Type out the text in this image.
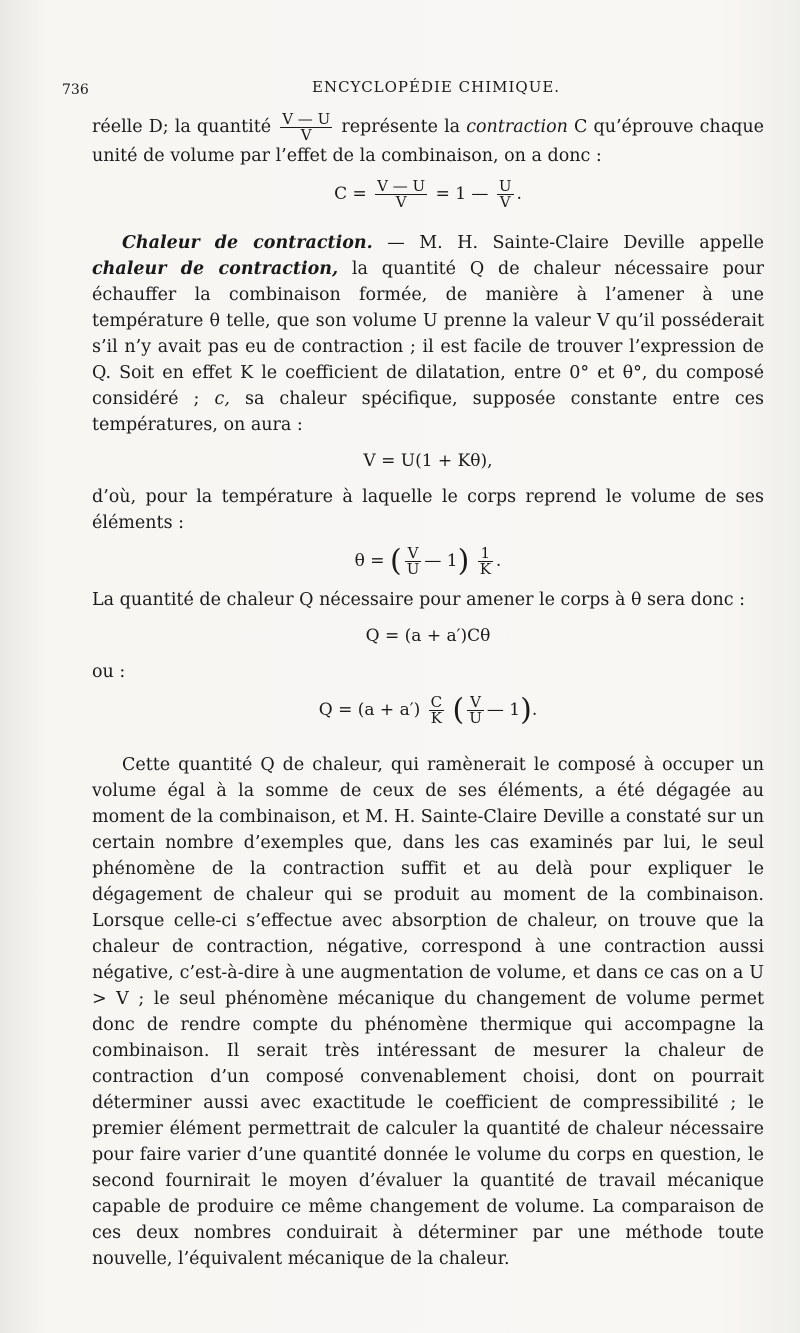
736	ENCYCLOPÉDIE CHIMIQUE.

réelle D; la quantité $\frac{V — U}{V}$ représente la contraction C qu’éprouve chaque unité de volume par l’effet de la combinaison, on a donc :

$C = \frac{V — U}{V} = 1$ — $\frac{U}{V}$ .

Chaleur de contraction. — M. H. Sainte-Claire Deville appelle chaleur de contraction, la quantité Q de chaleur nécessaire pour échauffer la combinaison formée, de manière à l’amener à une température θ telle, que son volume U prenne la valeur V qu’il posséderait s’il n’y avait pas eu de contraction ; il est facile de trouver l’expression de Q. Soit en effet K le coefficient de dilatation, entre 0° et θ°, du composé considéré ; c, sa chaleur spécifique, supposée constante entre ces températures, on aura :

V = U(1 + Kθ),

d’où, pour la température à laquelle le corps reprend le volume de ses éléments :

θ = ( $\frac{V}{U}$ — $1) \frac{1}{K}$ .

La quantité de chaleur Q nécessaire pour amener le corps à θ sera donc :

Q = (a + a′)Cθ

ou :

$Q = (a + a') \frac{C}{K}$ ( $\frac{V}{U}$ — 1).

Cette quantité Q de chaleur, qui ramènerait le composé à occuper un volume égal à la somme de ceux de ses éléments, a été dégagée au moment de la combinaison, et M. H. Sainte-Claire Deville a constaté sur un certain nombre d’exemples que, dans les cas examinés par lui, le seul phénomène de la contraction suffit et au delà pour expliquer le dégagement de chaleur qui se produit au moment de la combinaison. Lorsque celle-ci s’effectue avec absorption de chaleur, on trouve que la chaleur de contraction, négative, correspond à une contraction aussi négative, c’est-à-dire à une augmentation de volume, et dans ce cas on a U > V ; le seul phénomène mécanique du changement de volume permet donc de rendre compte du phénomène thermique qui accompagne la combinaison. Il serait très intéressant de mesurer la chaleur de contraction d’un composé convenablement choisi, dont on pourrait déterminer aussi avec exactitude le coefficient de compressibilité ; le premier élément permettrait de calculer la quantité de chaleur nécessaire pour faire varier d’une quantité donnée le volume du corps en question, le second fournirait le moyen d’évaluer la quantité de travail mécanique capable de produire ce même changement de volume. La comparaison de ces deux nombres conduirait à déterminer par une méthode toute nouvelle, l’équivalent mécanique de la chaleur.
